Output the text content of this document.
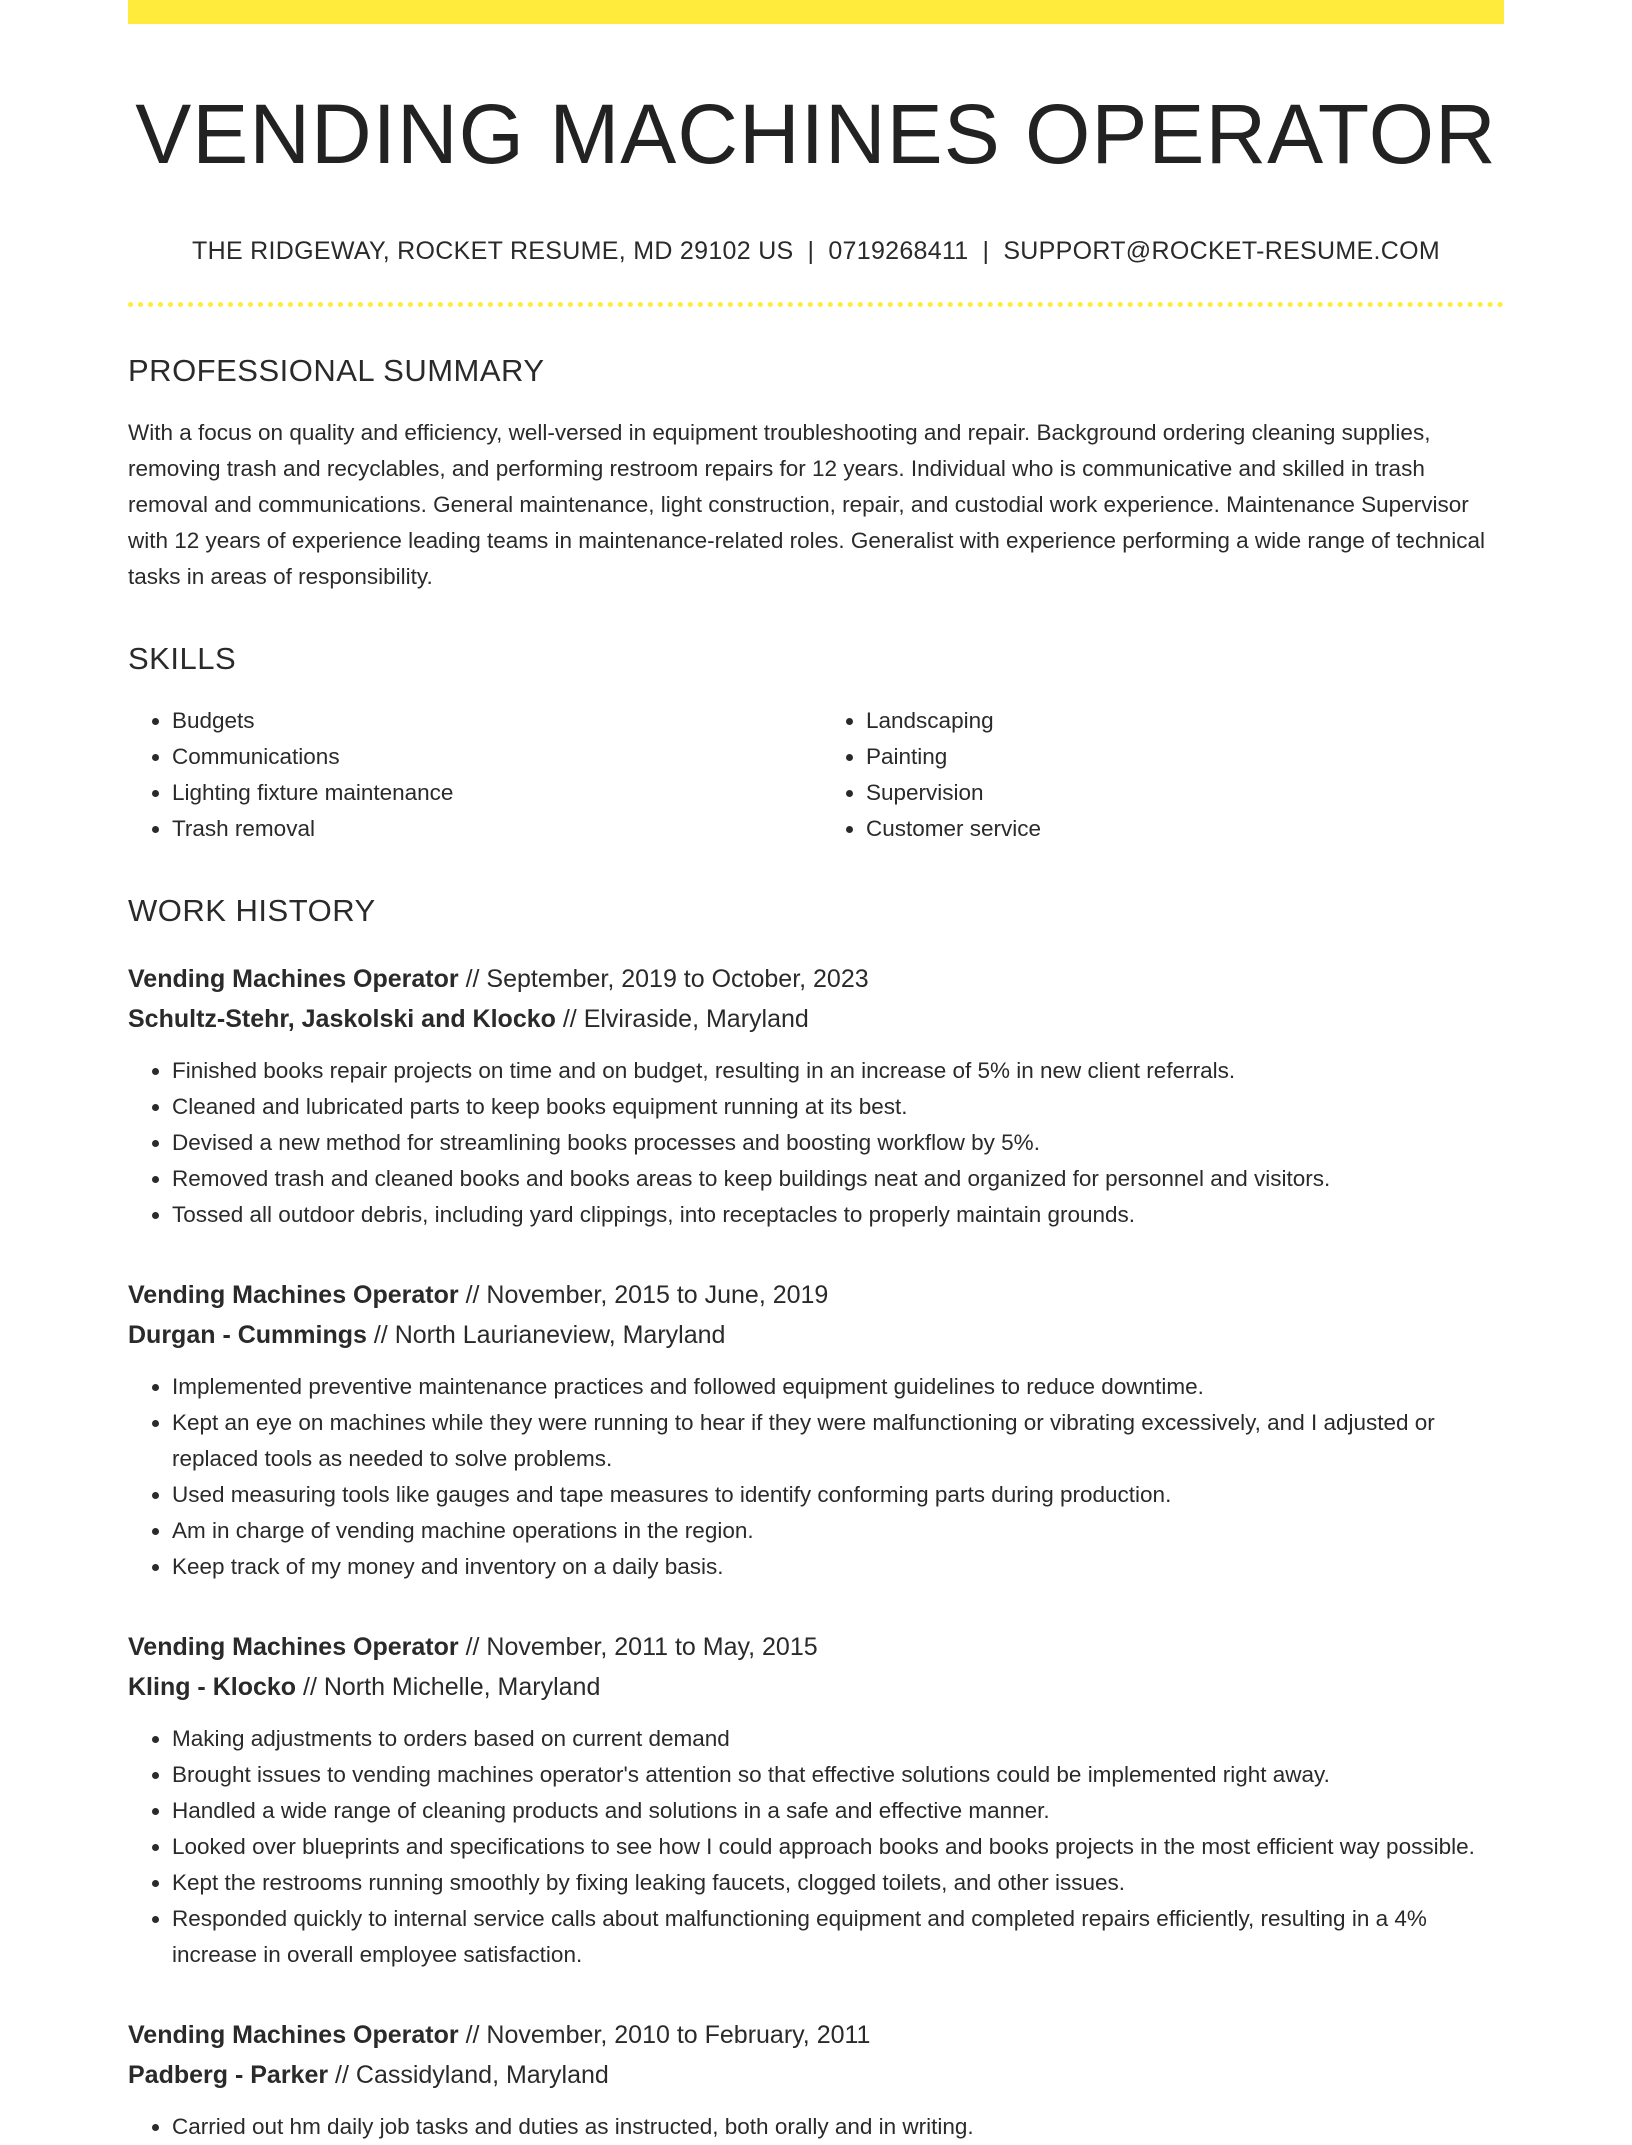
VENDING MACHINES OPERATOR
THE RIDGEWAY, ROCKET RESUME, MD 29102 US | 0719268411 | SUPPORT@ROCKET-RESUME.COM
PROFESSIONAL SUMMARY

With a focus on quality and efficiency, well-versed in equipment troubleshooting and repair. Background ordering cleaning supplies, removing trash and recyclables, and performing restroom repairs for 12 years. Individual who is communicative and skilled in trash removal and communications. General maintenance, light construction, repair, and custodial work experience. Maintenance Supervisor with 12 years of experience leading teams in maintenance-related roles. Generalist with experience performing a wide range of technical tasks in areas of responsibility.

SKILLS
• Budgets
• Communications
• Lighting fixture maintenance
• Trash removal
• Landscaping
• Painting
• Supervision
• Customer service
WORK HISTORY
Vending Machines Operator // September, 2019 to October, 2023
Schultz-Stehr, Jaskolski and Klocko // Elviraside, Maryland
• Finished books repair projects on time and on budget, resulting in an increase of 5% in new client referrals.
• Cleaned and lubricated parts to keep books equipment running at its best.
• Devised a new method for streamlining books processes and boosting workflow by 5%.
• Removed trash and cleaned books and books areas to keep buildings neat and organized for personnel and visitors.
• Tossed all outdoor debris, including yard clippings, into receptacles to properly maintain grounds.
Vending Machines Operator // November, 2015 to June, 2019
Durgan - Cummings // North Laurianeview, Maryland
• Implemented preventive maintenance practices and followed equipment guidelines to reduce downtime.
• Kept an eye on machines while they were running to hear if they were malfunctioning or vibrating excessively, and I adjusted or replaced tools as needed to solve problems.
• Used measuring tools like gauges and tape measures to identify conforming parts during production.
• Am in charge of vending machine operations in the region.
• Keep track of my money and inventory on a daily basis.
Vending Machines Operator // November, 2011 to May, 2015
Kling - Klocko // North Michelle, Maryland
• Making adjustments to orders based on current demand
• Brought issues to vending machines operator's attention so that effective solutions could be implemented right away.
• Handled a wide range of cleaning products and solutions in a safe and effective manner.
• Looked over blueprints and specifications to see how I could approach books and books projects in the most efficient way possible.
• Kept the restrooms running smoothly by fixing leaking faucets, clogged toilets, and other issues.
• Responded quickly to internal service calls about malfunctioning equipment and completed repairs efficiently, resulting in a 4% increase in overall employee satisfaction.
Vending Machines Operator // November, 2010 to February, 2011
Padberg - Parker // Cassidyland, Maryland
• Carried out hm daily job tasks and duties as instructed, both orally and in writing.
